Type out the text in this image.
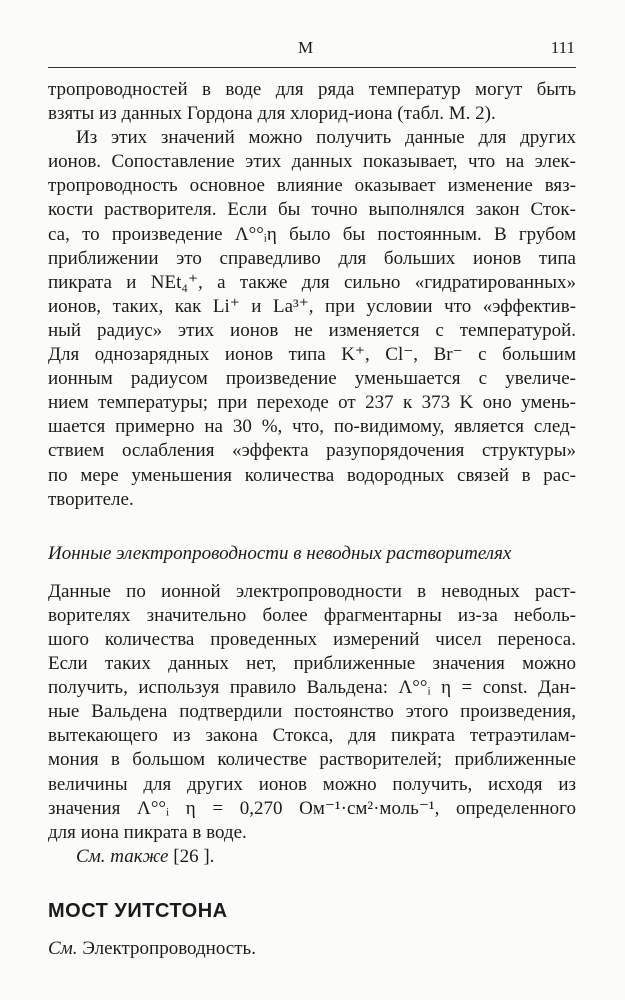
М	111
тропроводностей в воде для ряда температур могут быть
взяты из данных Гордона для хлорид-иона (табл. М. 2).
Из этих значений можно получить данные для других
ионов. Сопоставление этих данных показывает, что на элек-
тропроводность основное влияние оказывает изменение вяз-
кости растворителя. Если бы точно выполнялся закон Сток-
са, то произведение Λ°°ᵢη было бы постоянным. В грубом
приближении это справедливо для больших ионов типа
пикрата и NEt₄⁺, а также для сильно «гидратированных»
ионов, таких, как Li⁺ и La³⁺, при условии что «эффектив-
ный радиус» этих ионов не изменяется с температурой.
Для однозарядных ионов типа K⁺, Cl⁻, Br⁻ с большим
ионным радиусом произведение уменьшается с увеличе-
нием температуры; при переходе от 237 к 373 K оно умень-
шается примерно на 30 %, что, по-видимому, является след-
ствием ослабления «эффекта разупорядочения структуры»
по мере уменьшения количества водородных связей в рас-
творителе.
Ионные электропроводности в неводных растворителях
Данные по ионной электропроводности в неводных раст-
ворителях значительно более фрагментарны из-за неболь-
шого количества проведенных измерений чисел переноса.
Если таких данных нет, приближенные значения можно
получить, используя правило Вальдена: Λ°°ᵢ η = const. Дан-
ные Вальдена подтвердили постоянство этого произведения,
вытекающего из закона Стокса, для пикрата тетраэтилам-
мония в большом количестве растворителей; приближенные
величины для других ионов можно получить, исходя из
значения Λ°°ᵢ η = 0,270 Ом⁻¹·см²·моль⁻¹, определенного
для иона пикрата в воде.
См. также [26 ].
МОСТ УИТСТОНА
См. Электропроводность.
